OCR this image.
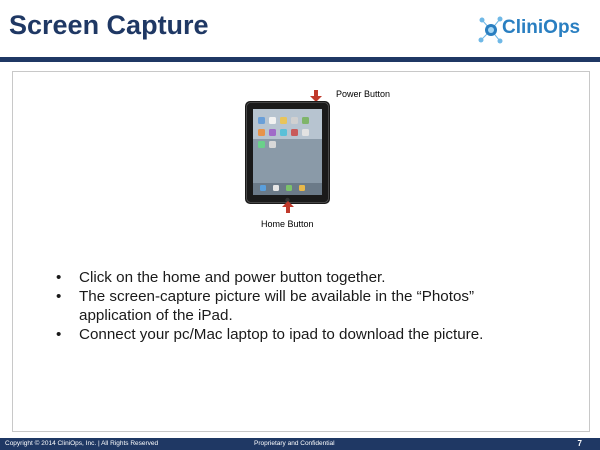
Screen Capture	CliniOps
Power Button
Home Button
• Click on the home and power button together.
• The screen-capture picture will be available in the “Photos” application of the iPad.
• Connect your pc/Mac laptop to ipad to download the picture.
Copyright © 2014 CliniOps, Inc. | All Rights Reserved	Proprietary and Confidential	7
